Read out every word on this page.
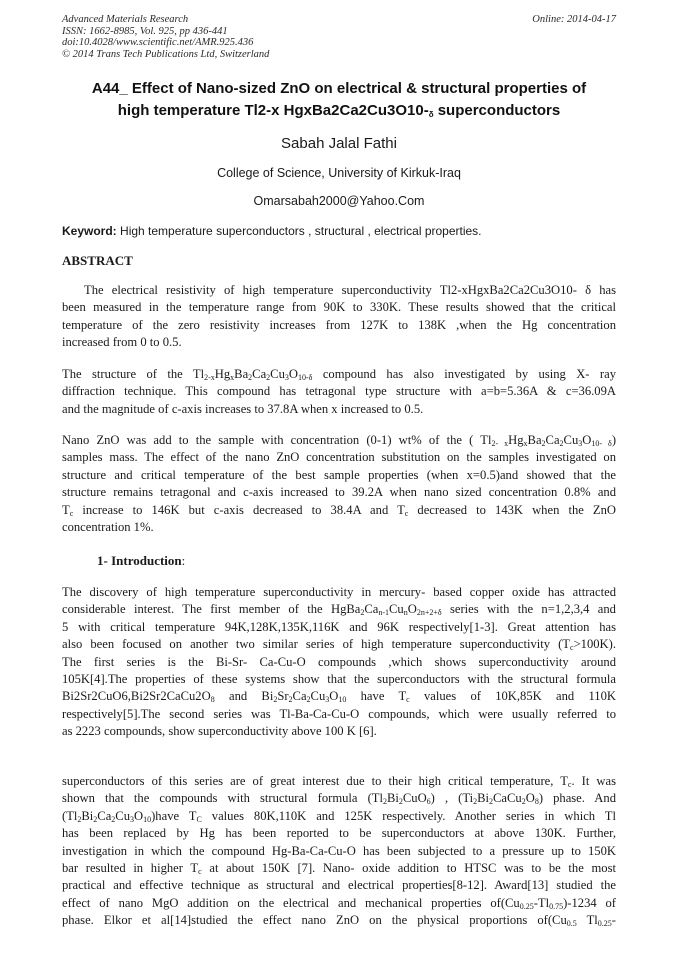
Advanced Materials Research
ISSN: 1662-8985, Vol. 925, pp 436-441
doi:10.4028/www.scientific.net/AMR.925.436
© 2014 Trans Tech Publications Ltd, Switzerland
Online: 2014-04-17
A44_ Effect of Nano-sized ZnO on electrical & structural properties of
high temperature Tl2-x $HgxBa2Ca2Cu3O10-_\delta$ superconductors
Sabah Jalal Fathi
College of Science, University of Kirkuk-Iraq
Omarsabah2000@Yahoo.Com
Keyword: High temperature superconductors , structural , electrical properties.
ABSTRACT
The electrical resistivity of high temperature superconductivity Tl2-xHgxBa2Ca2Cu3O10- δ has
been measured in the temperature range from 90K to 330K. These results showed that the critical
temperature of the zero resistivity increases from 127K to 138K ,when the Hg concentration
increased from 0 to 0.5.
The structure of the $Tl_{2-x}Hg_xBa_2Ca_2Cu_3O_{10-\delta}$ compound has also investigated by using X- ray
diffraction technique. This compound has tetragonal type structure with a=b=5.36A & c=36.09A
and the magnitude of c-axis increases to 37.8A when x increased to 0.5.
Nano ZnO was add to the sample with concentration (0-1) wt% of the ( $Tl_{2- x}Hg_xBa_2Ca_2Cu_3O_{10- \delta}$)
samples mass. The effect of the nano ZnO concentration substitution on the samples investigated on
structure and critical temperature of the best sample properties (when x=0.5)and showed that the
structure remains tetragonal and c-axis increased to 39.2A when nano sized concentration 0.8% and
$T_c$ increase to 146K but c-axis decreased to 38.4A and $T_c$ decreased to 143K when the ZnO
concentration 1%.
1- Introduction:
The discovery of high temperature superconductivity in mercury- based copper oxide has attracted
considerable interest. The first member of the $HgBa_2Ca_{n-1}Cu_nO_{2n+2+\delta}$ series with the n=1,2,3,4 and
5 with critical temperature 94K,128K,135K,116K and 96K respectively[1-3]. Great attention has
also been focused on another two similar series of high temperature superconductivity $(T_c>100K)$.
The first series is the Bi-Sr- Ca-Cu-O compounds ,which shows superconductivity around
105K[4].The properties of these systems show that the superconductors with the structural formula
$Bi2Sr2CuO6,Bi2Sr2CaCu2O_8$ and $Bi_2Sr_2Ca_2Cu_3O_{10}$ have $T_c$ values of 10K,85K and 110K
respectively[5].The second series was Tl-Ba-Ca-Cu-O compounds, which were usually referred to
as 2223 compounds, show superconductivity above 100 K [6].
superconductors of this series are of great interest due to their high critical temperature, $T_c$. It was
shown that the compounds with structural formula $(Tl_2Bi_2CuO_6)$ , $(Ti_2Bi_2CaCu_2O_8)$ phase. And
$(Tl_2Bi_2Ca_2Cu_3O_{10})have$ $T_C$ values 80K,110K and 125K respectively. Another series in which Tl
has been replaced by Hg has been reported to be superconductors at above 130K. Further,
investigation in which the compound Hg-Ba-Ca-Cu-O has been subjected to a pressure up to 150K
bar resulted in higher $T_c$ at about 150K [7]. Nano- oxide addition to HTSC was to be the most
practical and effective technique as structural and electrical properties[8-12]. Award[13] studied the
effect of nano MgO addition on the electrical and mechanical properties $of(Cu_{0.25}-Tl_{0.75})-1234$ of
phase. Elkor et al[14]studied the effect nano ZnO on the physical proportions $of(Cu_{0.5}$ $Tl_{0.25}-$
